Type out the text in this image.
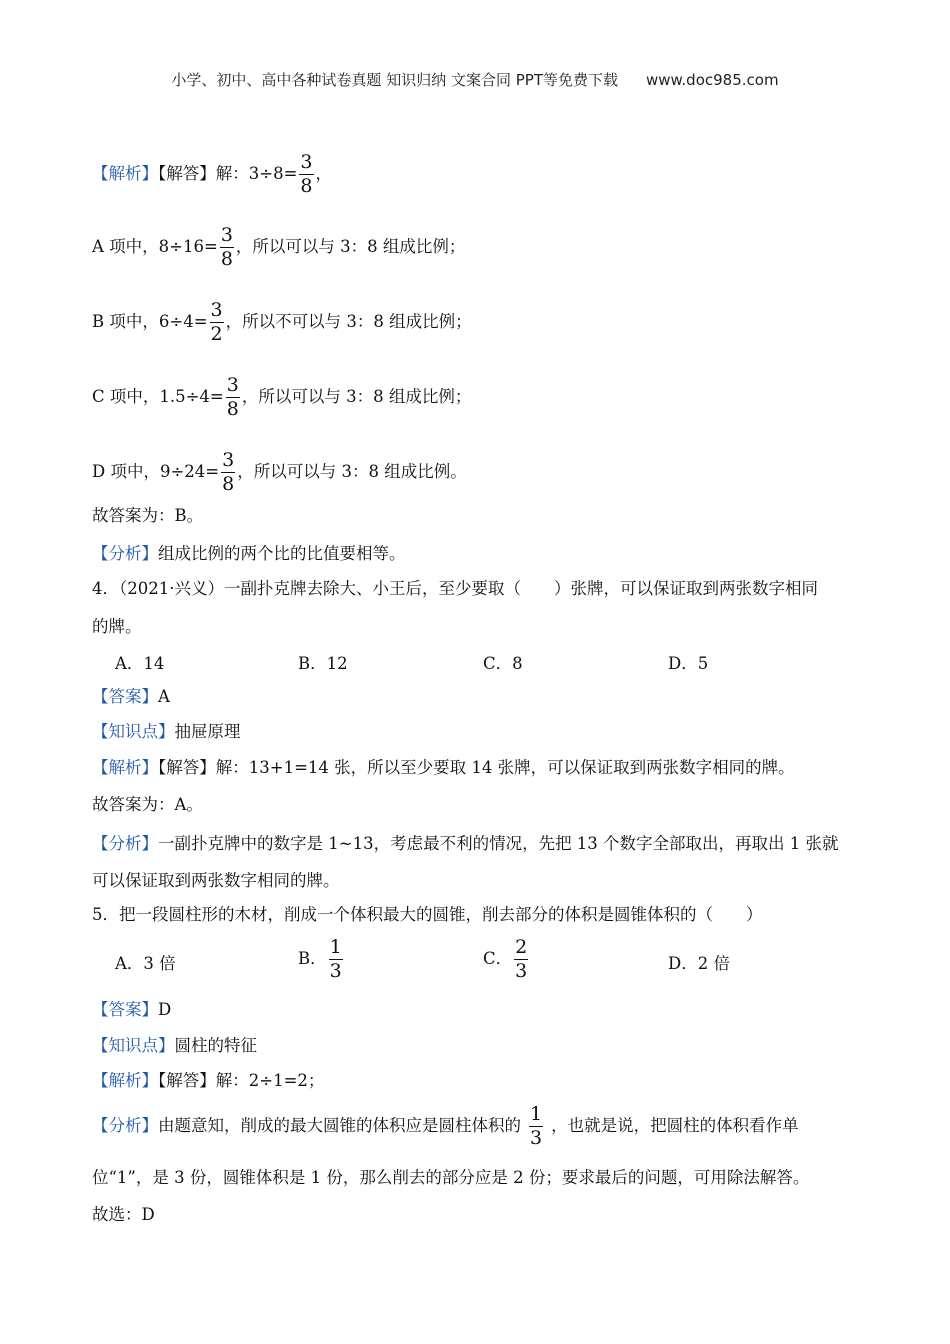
小学、初中、高中各种试卷真题 知识归纳 文案合同 PPT等免费下载 www.doc985.com
【解析】【解答】解：$3\div 8= \frac{3}{8}$ ，
A 项中，$8\div 16= \frac{3}{8}$ ，所以可以与 3：8 组成比例；
B 项中，$6\div 4= \frac{3}{2}$ ，所以不可以与 3：8 组成比例；
C 项中，$1.5\div 4= \frac{3}{8}$ ，所以可以与 3：8 组成比例；
D 项中，$9\div 24= \frac{3}{8}$ ，所以可以与 3：8 组成比例。
故答案为：B。
【分析】组成比例的两个比的比值要相等。
4．（2021·兴义）一副扑克牌去除大、小王后，至少要取（　　）张牌，可以保证取到两张数字相同
的牌。
A．14	B．12	C．8	D．5
【答案】A
【知识点】抽屉原理
【解析】【解答】解：13+1=14 张，所以至少要取 14 张牌，可以保证取到两张数字相同的牌。
故答案为：A。
【分析】一副扑克牌中的数字是 1~13，考虑最不利的情况，先把 13 个数字全部取出，再取出 1 张就
可以保证取到两张数字相同的牌。
5．把一段圆柱形的木材，削成一个体积最大的圆锥，削去部分的体积是圆锥体积的（　　）
A．3 倍	B． $\frac{1}{3}$	C． $\frac{2}{3}$	D．2 倍
【答案】D
【知识点】圆柱的特征
【解析】【解答】解：2÷1=2；
【分析】由题意知，削成的最大圆锥的体积应是圆柱体积的 $\frac{1}{3}$ ，也就是说，把圆柱的体积看作单
位“1”，是 3 份，圆锥体积是 1 份，那么削去的部分应是 2 份；要求最后的问题，可用除法解答。
故选：D
